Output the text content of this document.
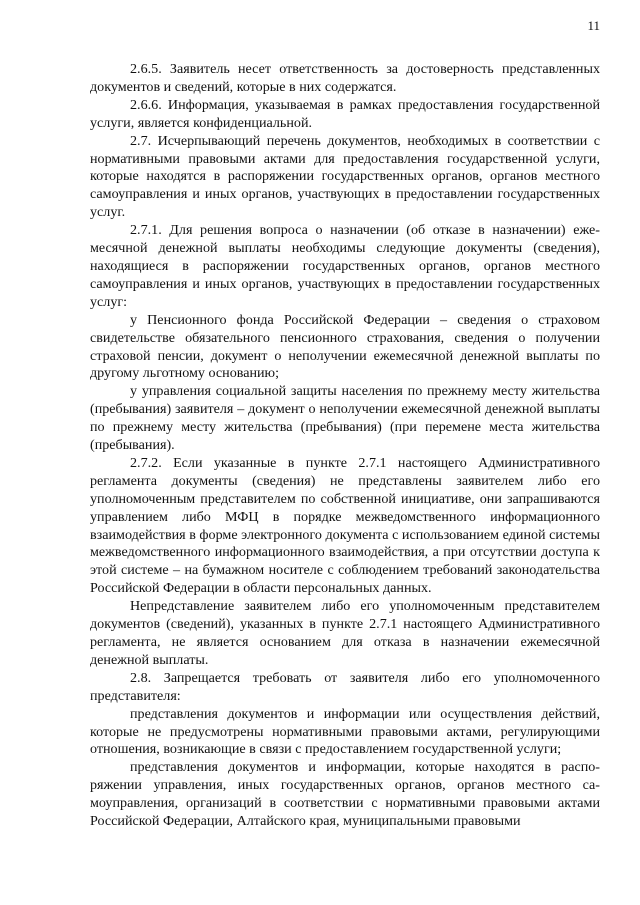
11

2.6.5. Заявитель несет ответственность за достоверность представленных документов и сведений, которые в них содержатся.

2.6.6. Информация, указываемая в рамках предоставления государственной услуги, является конфиденциальной.

2.7. Исчерпывающий перечень документов, необходимых в соответствии с нормативными правовыми актами для предоставления государственной услуги, которые находятся в распоряжении государственных органов, органов местного самоуправления и иных органов, участвующих в предоставлении государственных услуг.

2.7.1. Для решения вопроса о назначении (об отказе в назначении) ежемесячной денежной выплаты необходимы следующие документы (сведения), находящиеся в распоряжении государственных органов, органов местного самоуправления и иных органов, участвующих в предоставлении государственных услуг:

у Пенсионного фонда Российской Федерации – сведения о страховом свидетельстве обязательного пенсионного страхования, сведения о получении страховой пенсии, документ о неполучении ежемесячной денежной выплаты по другому льготному основанию;

у управления социальной защиты населения по прежнему месту жительства (пребывания) заявителя – документ о неполучении ежемесячной денежной выплаты по прежнему месту жительства (пребывания) (при перемене места жительства (пребывания).

2.7.2. Если указанные в пункте 2.7.1 настоящего Административного регламента документы (сведения) не представлены заявителем либо его уполномоченным представителем по собственной инициативе, они запрашиваются управлением либо МФЦ в порядке межведомственного информационного взаимодействия в форме электронного документа с использованием единой системы межведомственного информационного взаимодействия, а при отсутствии доступа к этой системе – на бумажном носителе с соблюдением требований законодательства Российской Федерации в области персональных данных.

Непредставление заявителем либо его уполномоченным представителем документов (сведений), указанных в пункте 2.7.1 настоящего Административного регламента, не является основанием для отказа в назначении ежемесячной денежной выплаты.

2.8. Запрещается требовать от заявителя либо его уполномоченного представителя:

представления документов и информации или осуществления действий, которые не предусмотрены нормативными правовыми актами, регулирующими отношения, возникающие в связи с предоставлением государственной услуги;

представления документов и информации, которые находятся в распоряжении управления, иных государственных органов, органов местного самоуправления, организаций в соответствии с нормативными правовыми актами Российской Федерации, Алтайского края, муниципальными правовыми
